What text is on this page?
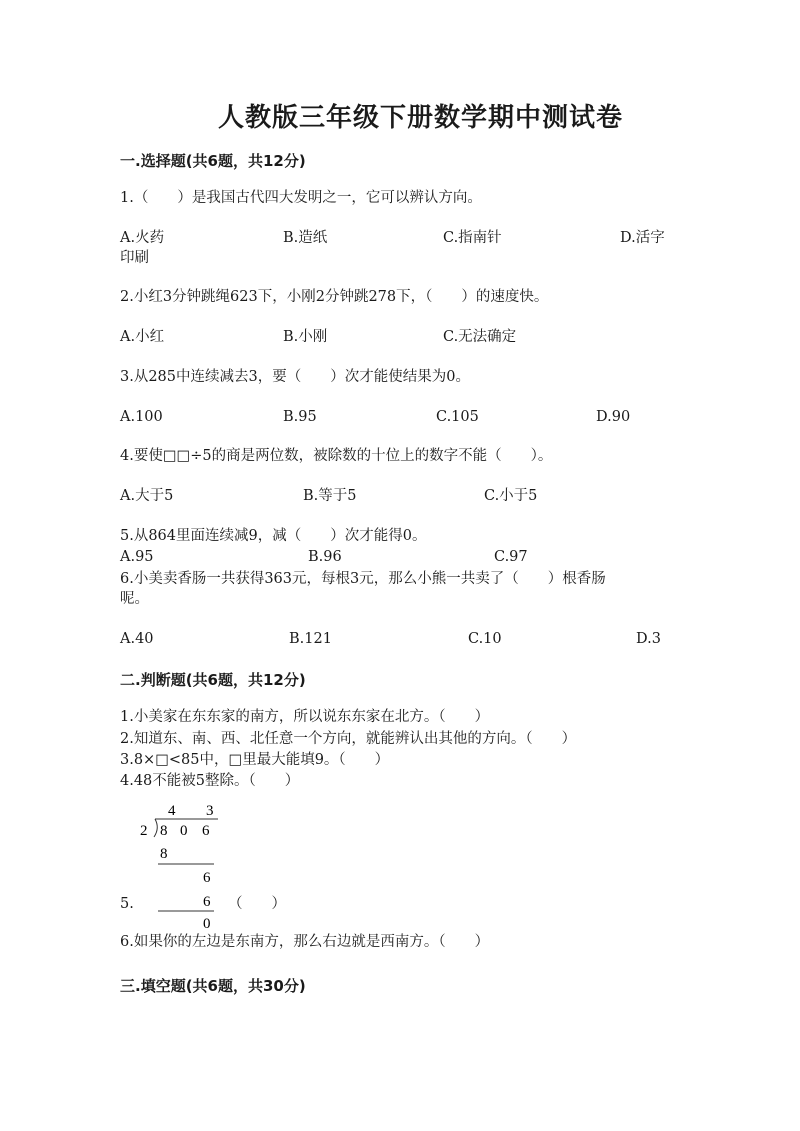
人教版三年级下册数学期中测试卷
一.选择题(共6题，共12分)
1.（　　）是我国古代四大发明之一，它可以辨认方向。
A.火药	B.造纸	C.指南针	D.活字
印刷
2.小红3分钟跳绳623下，小刚2分钟跳278下，（　　）的速度快。
A.小红	B.小刚	C.无法确定
3.从285中连续减去3，要（　　）次才能使结果为0。
A.100	B.95	C.105	D.90
4.要使□□÷5的商是两位数，被除数的十位上的数字不能（　　）。
A.大于5	B.等于5	C.小于5
5.从864里面连续减9，减（　　）次才能得0。
A.95	B.96	C.97
6.小美卖香肠一共获得363元，每根3元，那么小熊一共卖了（　　）根香肠
呢。
A.40	B.121	C.10	D.3
二.判断题(共6题，共12分)
1.小美家在东东家的南方，所以说东东家在北方。（　　）
2.知道东、南、西、北任意一个方向，就能辨认出其他的方向。（　　）
3.8×□<85中，□里最大能填9。（　　）
4.48不能被5整除。（　　）
4 3
2 8 0 6
8
6
6
0
5.	（　　）
6.如果你的左边是东南方，那么右边就是西南方。（　　）
三.填空题(共6题，共30分)
